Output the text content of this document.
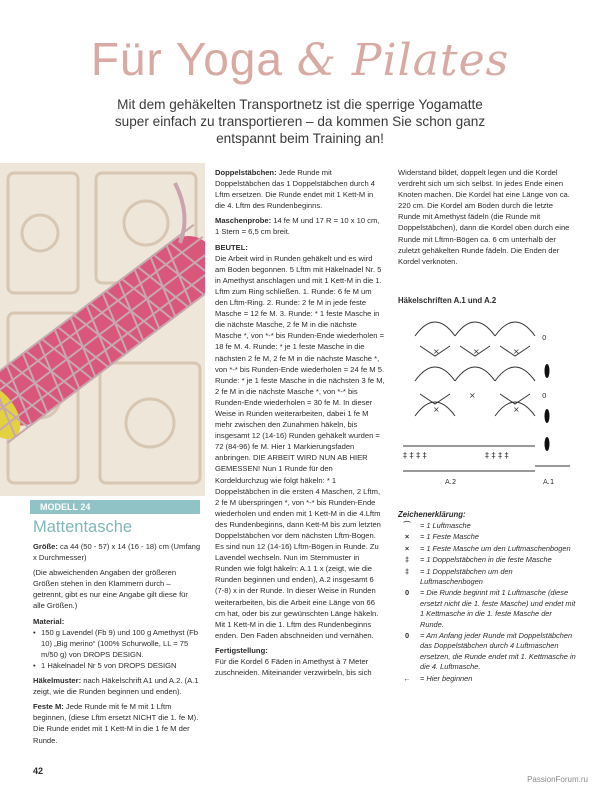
Für Yoga & Pilates
Mit dem gehäkelten Transportnetz ist die sperrige Yogamatte super einfach zu transportieren – da kommen Sie schon ganz entspannt beim Training an!
MODELL 24
Mattentasche

Größe: ca 44 (50 - 57) x 14 (16 - 18) cm (Umfang x Durchmesser)

(Die abweichenden Angaben der größeren Größen stehen in den Klammern durch – getrennt, gibt es nur eine Angabe gilt diese für alle Größen.)

Material:

• 150 g Lavendel (Fb 9) und 100 g Amethyst (Fb 10) „Big merino“ (100% Schurwolle, LL = 75 m/50 g) von DROPS DESIGN.
• 1 Häkelnadel Nr 5 von DROPS DESIGN

Häkelmuster: nach Häkelschrift A1 und A.2. (A.1 zeigt, wie die Runden beginnen und enden).

Feste M: Jede Runde mit fe M mit 1 Lftm beginnen, (diese Lftm ersetzt NICHT die 1. fe M). Die Runde endet mit 1 Kett-M in die 1 fe M der Runde.

Doppelstäbchen: Jede Runde mit Doppelstäbchen das 1 Doppelstäbchen durch 4 Lftm ersetzen. Die Runde endet mit 1 Kett-M in die 4. Lftm des Rundenbeginns.

Maschenprobe: 14 fe M und 17 R = 10 x 10 cm, 1 Stern = 6,5 cm breit.

BEUTEL:

Die Arbeit wird in Runden gehäkelt und es wird am Boden begonnen. 5 Lftm mit Häkelnadel Nr. 5 in Amethyst anschlagen und mit 1 Kett-M in die 1. Lftm zum Ring schließen. 1. Runde: 6 fe M um den Lftm-Ring. 2. Runde: 2 fe M in jede feste Masche = 12 fe M. 3. Runde: * 1 feste Masche in die nächste Masche, 2 fe M in die nächste Masche *, von *-* bis Runden-Ende wiederholen = 18 fe M. 4. Runde: * je 1 feste Masche in die nächsten 2 fe M, 2 fe M in die nächste Masche *, von *-* bis Runden-Ende wiederholen = 24 fe M 5. Runde: * je 1 feste Masche in die nächsten 3 fe M, 2 fe M in die nächste Masche *, von *-* bis Runden-Ende wiederholen = 30 fe M. In dieser Weise in Runden weiterarbeiten, dabei 1 fe M mehr zwischen den Zunahmen häkeln, bis insgesamt 12 (14-16) Runden gehäkelt wurden = 72 (84-96) fe M. Hier 1 Markierungsfaden anbringen. DIE ARBEIT WIRD NUN AB HIER GEMESSEN! Nun 1 Runde für den Kordeldurchzug wie folgt häkeln: * 1 Doppelstäbchen in die ersten 4 Maschen, 2 Lftm, 2 fe M überspringen *, von *-* bis Runden-Ende wiederholen und enden mit 1 Kett-M in die 4.Lftm des Rundenbeginns, dann Kett-M bis zum letzten Doppelstäbchen vor dem nächsten Lftm-Bogen. Es sind nun 12 (14-16) Lftm-Bögen in Runde. Zu Lavendel wechseln. Nun im Sternmuster in Runden wie folgt häkeln: A.1 1 x (zeigt, wie die Runden beginnen und enden), A.2 insgesamt 6 (7-8) x in der Runde. In dieser Weise in Runden weiterarbeiten, bis die Arbeit eine Länge von 66 cm hat, oder bis zur gewünschten Länge häkeln. Mit 1 Kett-M in die 1. Lftm des Rundenbeginns enden. Den Faden abschneiden und vernähen.

Fertigstellung:

Für die Kordel 6 Fäden in Amethyst à 7 Meter zuschneiden. Miteinander verzwirbeln, bis sich

Widerstand bildet, doppelt legen und die Kordel verdreht sich um sich selbst. In jedes Ende einen Knoten machen. Die Kordel hat eine Länge von ca. 220 cm. Die Kordel am Boden durch die letzte Runde mit Amethyst fädeln (die Runde mit Doppelstäbchen), dann die Kordel oben durch eine Runde mit Lftmn-Bögen ca. 6 cm unterhalb der zuletzt gehäkelten Runde fädeln. Die Enden der Kordel verknoten.

Häkelschriften A.1 und A.2
×	×	×
×
×	×
‡ ‡ ‡ ‡	‡ ‡ ‡ ‡
0
0
A.2	A.1
Zeichenerklärung:
⁀	= 1 Luftmasche
×	= 1 Feste Masche
×	= 1 Feste Masche um den Luftmaschenbogen
‡	= 1 Doppelstäbchen in die feste Masche
‡	= 1 Doppelstäbchen um den Luftmaschenbogen
0	= Die Runde beginnt mit 1 Luftmasche (diese ersetzt nicht die 1. feste Masche) und endet mit 1 Kettmasche in die 1. feste Masche der Runde.
0	= Am Anfang jeder Runde mit Doppelstäbchen das Doppelstäbchen durch 4 Luftmaschen ersetzen, die Runde endet mit 1. Kettmasche in die 4. Luftmasche.
←	= Hier beginnen
42
PassionForum.ru
